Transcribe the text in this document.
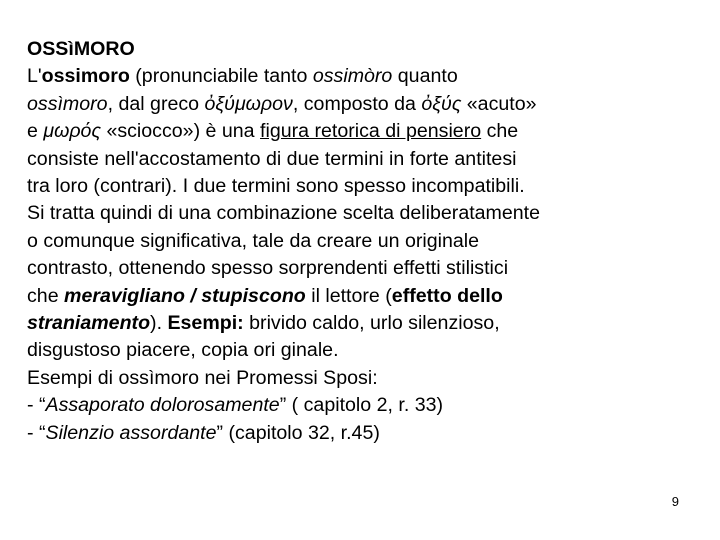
OSSìMORO
L'ossimoro (pronunciabile tanto ossimòro quanto
ossìmoro, dal greco ὀξύμωρον, composto da ὀξύς «acuto»
e μωρός «sciocco») è una figura retorica di pensiero che
consiste nell'accostamento di due termini in forte antitesi
tra loro (contrari). I due termini sono spesso incompatibili.
Si tratta quindi di una combinazione scelta deliberatamente
o comunque significativa, tale da creare un originale
contrasto, ottenendo spesso sorprendenti effetti stilistici
che meravigliano / stupiscono il lettore (effetto dello
straniamento). Esempi: brivido caldo, urlo silenzioso,
disgustoso piacere, copia ori ginale.
Esempi di ossìmoro nei Promessi Sposi:
- “Assaporato dolorosamente” ( capitolo 2, r. 33)
- “Silenzio assordante” (capitolo 32, r.45)
9
